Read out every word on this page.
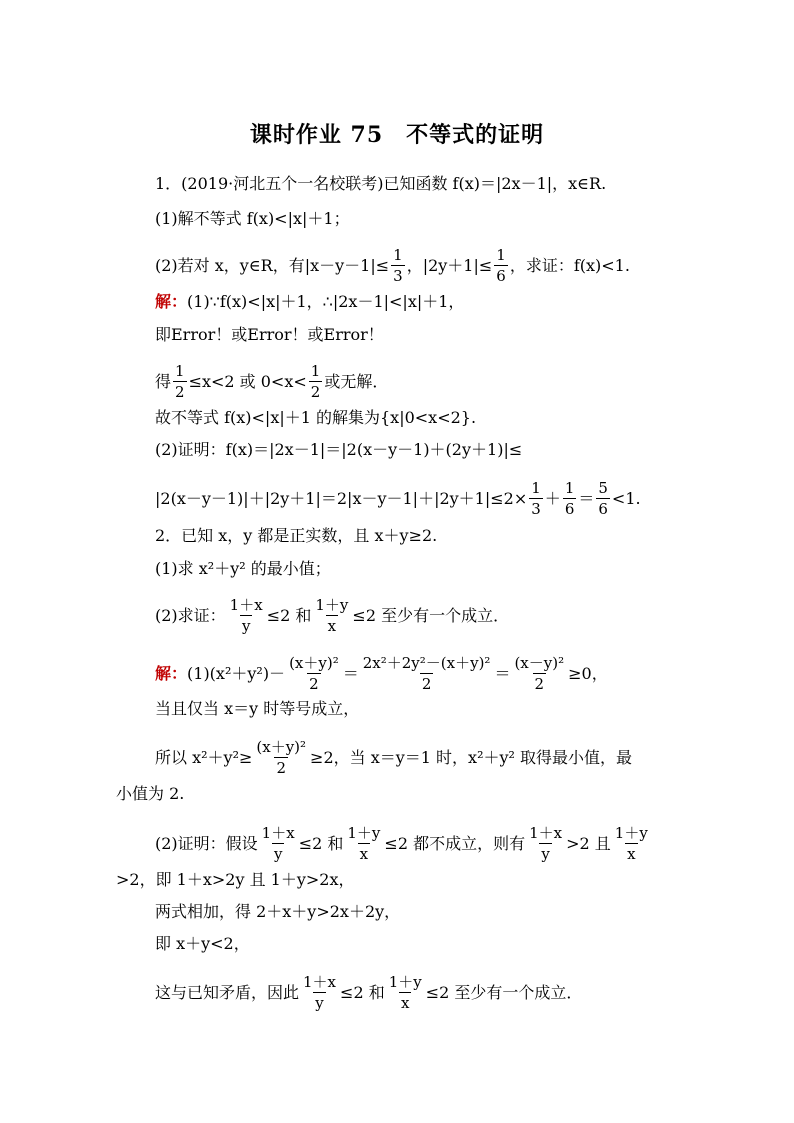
课时作业 75　不等式的证明
1．(2019·河北五个一名校联考)已知函数 f(x)＝|2x－1|，x∈R.
(1)解不等式 f(x)<|x|＋1；
(2)若对 x，y∈R，有$|x-y-1|\le \frac{1}{3}$ ，$|2y+1|\le \frac{1}{6}$ ，求证：f(x)<1.
解： (1)∵f(x)<|x|＋1，∴|2x－1|<|x|＋1，
即Error！或Error！或Error！
得 $\frac{1}{2} \le x<2$ 或 $0<x< \frac{1}{2}$ 或无解．
故不等式 f(x)<|x|＋1 的解集为{x|0<x<2}.
(2)证明：f(x)＝|2x－1|＝|2(x－y－1)＋(2y＋1)|≤
$|2(x-y-1)|+|2y+1|=2|x-y-1|+|2y+1|\le 2\times \frac{1}{3} + \frac{1}{6} = \frac{5}{6} <1$.
2．已知 x，y 都是正实数，且 x＋y≥2.
(1)求 x²＋y² 的最小值；
(2)求证： $\frac{1+x}{y} \le 2$ 和 $\frac{1+y}{x} \le 2$ 至少有一个成立．
解： $(1)(x^2+y^2)- \frac{\text{(x＋y)²}}{2} = \frac{\text{2x²＋2y²－(x＋y)²}}{2} = \frac{\text{(x－y)²}}{2} \ge 0$，
当且仅当 x＝y 时等号成立，
所以 $x^2+y^2\ge \frac{\text{(x＋y)²}}{2} \ge 2$，当 x＝y＝1 时，x²＋y² 取得最小值，最
小值为 2.
(2)证明：假设 $\frac{1+x}{y} \le 2$ 和 $\frac{1+y}{x} \le 2$ 都不成立，则有 $\frac{1+x}{y} >2$ 且 $\frac{1+y}{x}$
>2，即 1＋x>2y 且 1＋y>2x，
两式相加，得 2＋x＋y>2x＋2y，
即 x＋y<2，
这与已知矛盾，因此 $\frac{1+x}{y} \le 2$ 和 $\frac{1+y}{x} \le 2$ 至少有一个成立．
